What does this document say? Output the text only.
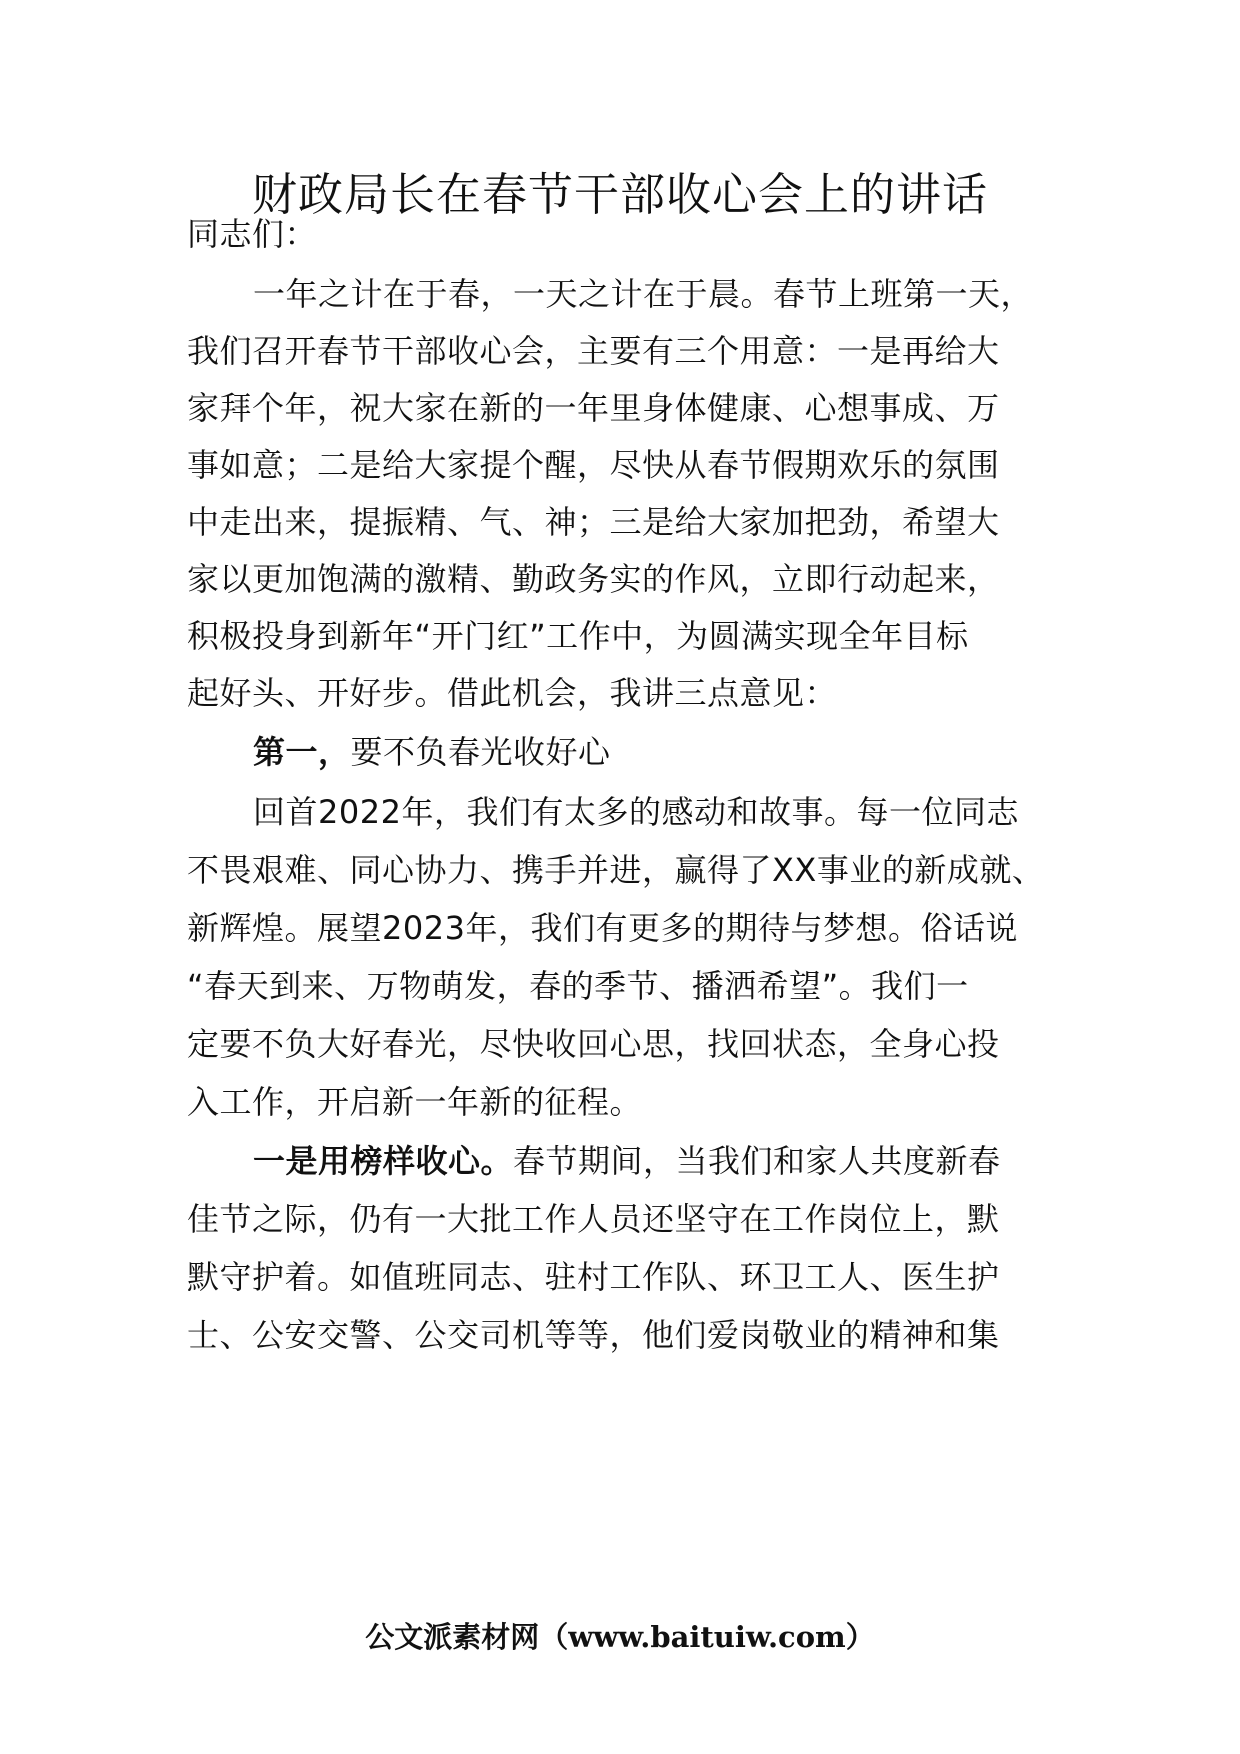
财政局长在春节干部收心会上的讲话
同志们：
一年之计在于春，一天之计在于晨。春节上班第一天，
我们召开春节干部收心会，主要有三个用意：一是再给大
家拜个年，祝大家在新的一年里身体健康、心想事成、万
事如意；二是给大家提个醒，尽快从春节假期欢乐的氛围
中走出来，提振精、气、神；三是给大家加把劲，希望大
家以更加饱满的激精、勤政务实的作风，立即行动起来，
积极投身到新年“开门红”工作中，为圆满实现全年目标
起好头、开好步。借此机会，我讲三点意见：
第一，要不负春光收好心
回首2022年，我们有太多的感动和故事。每一位同志
不畏艰难、同心协力、携手并进，赢得了XX事业的新成就、
新辉煌。展望2023年，我们有更多的期待与梦想。俗话说
“春天到来、万物萌发，春的季节、播洒希望”。我们一
定要不负大好春光，尽快收回心思，找回状态，全身心投
入工作，开启新一年新的征程。
一是用榜样收心。春节期间，当我们和家人共度新春
佳节之际，仍有一大批工作人员还坚守在工作岗位上，默
默守护着。如值班同志、驻村工作队、环卫工人、医生护
士、公安交警、公交司机等等，他们爱岗敬业的精神和集
公文派素材网（www.baituiw.com）
